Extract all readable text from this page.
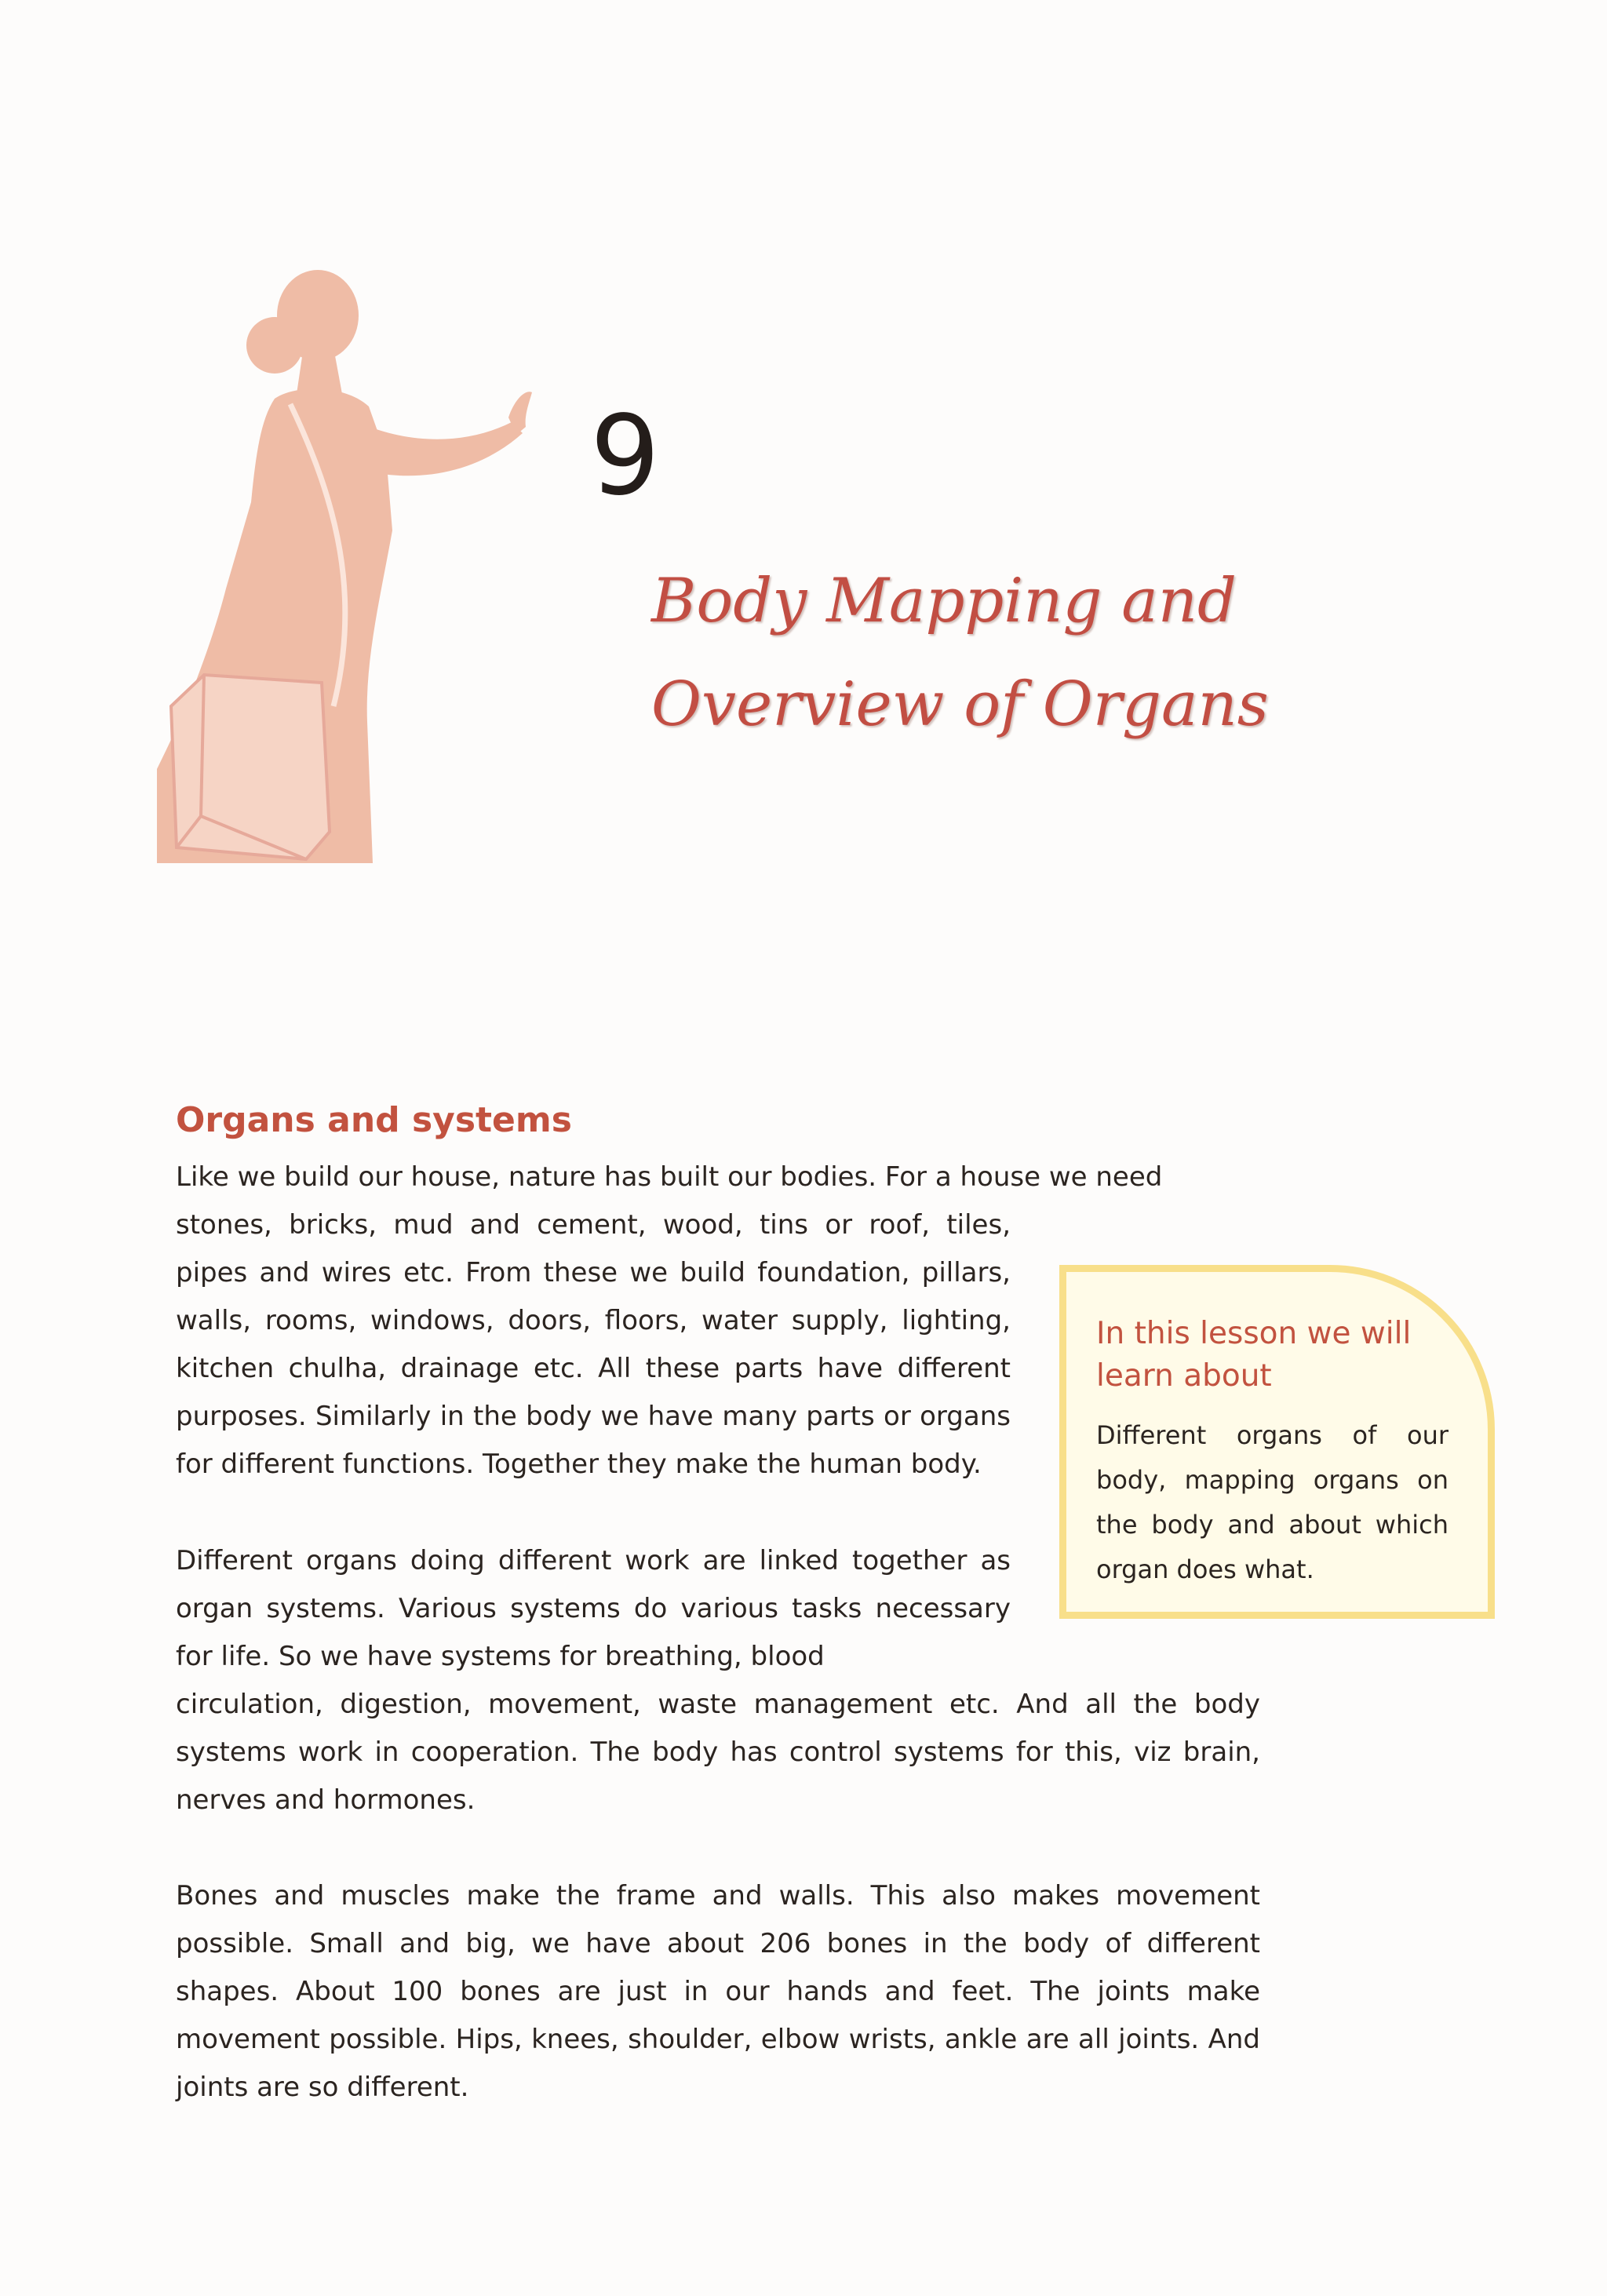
9
Body Mapping and
Overview of Organs
Organs and systems

Like we build our house, nature has built our bodies. For a house we need
stones, bricks, mud and cement, wood, tins or roof, tiles, pipes and wires etc. From these we build foundation, pillars, walls, rooms, windows, doors, floors, water supply, lighting, kitchen chulha, drainage etc. All these parts have different purposes. Similarly in the body we have many parts or organs for different functions. Together they make the human body.

Different organs doing different work are linked together as organ systems. Various systems do various tasks necessary for life. So we have systems for breathing, blood
circulation, digestion, movement, waste management etc. And all the body systems work in cooperation. The body has control systems for this, viz brain, nerves and hormones.

Bones and muscles make the frame and walls. This also makes movement possible. Small and big, we have about 206 bones in the body of different shapes. About 100 bones are just in our hands and feet. The joints make movement possible. Hips, knees, shoulder, elbow wrists, ankle are all joints. And joints are so different.

In this lesson we will learn about

Different organs of our body, mapping organs on the body and about which organ does what.
